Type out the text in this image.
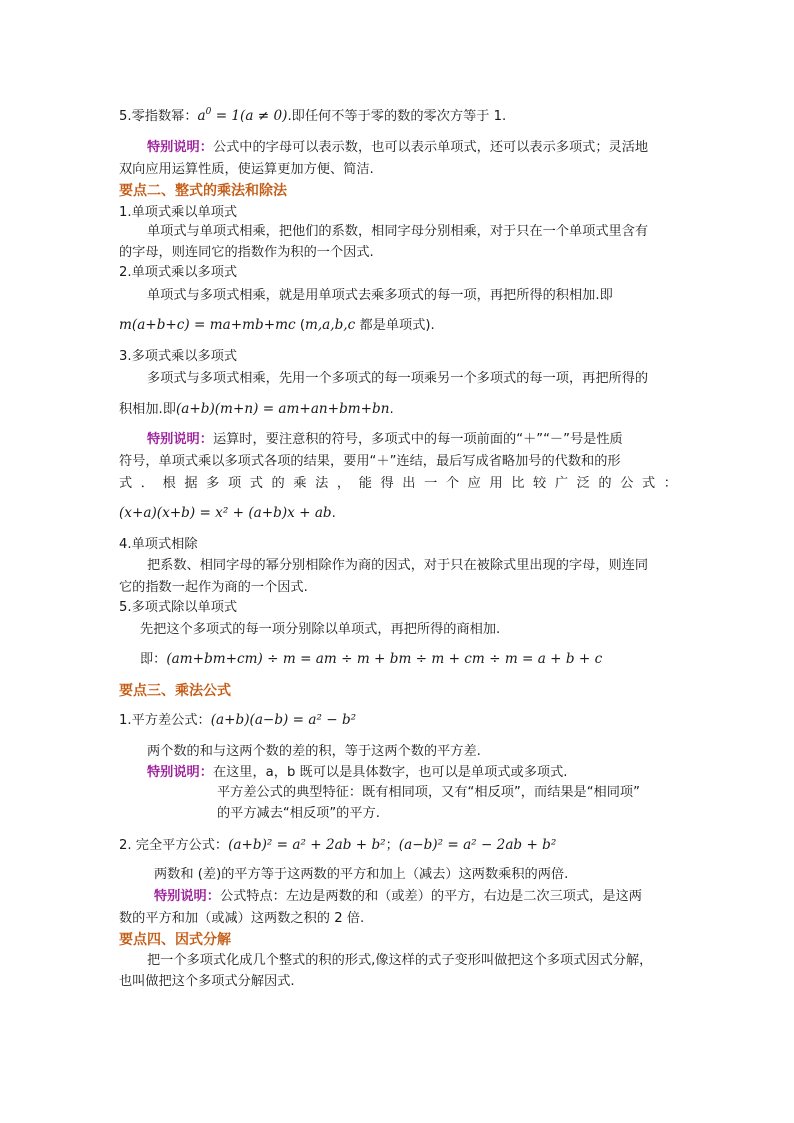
5.零指数幂：$a^0 = 1(a \ne 0)$.即任何不等于零的数的零次方等于 1.
特别说明：公式中的字母可以表示数，也可以表示单项式，还可以表示多项式；灵活地
双向应用运算性质，使运算更加方便、简洁.
要点二、整式的乘法和除法
1.单项式乘以单项式
单项式与单项式相乘，把他们的系数，相同字母分别相乘，对于只在一个单项式里含有
的字母，则连同它的指数作为积的一个因式.
2.单项式乘以多项式
单项式与多项式相乘，就是用单项式去乘多项式的每一项，再把所得的积相加.即
m(a+b+c) = ma+mb+mc (m,a,b,c 都是单项式).
3.多项式乘以多项式
多项式与多项式相乘，先用一个多项式的每一项乘另一个多项式的每一项，再把所得的
积相加.即(a+b)(m+n) = am+an+bm+bn.
特别说明：运算时，要注意积的符号，多项式中的每一项前面的“＋”“－”号是性质
符号，单项式乘以多项式各项的结果，要用“＋”连结，最后写成省略加号的代数和的形
式．根据多项式的乘法，能得出一个应用比较广泛的公式：
(x+a)(x+b) = x² + (a+b)x + ab.
4.单项式相除
把系数、相同字母的幂分别相除作为商的因式，对于只在被除式里出现的字母，则连同
它的指数一起作为商的一个因式.
5.多项式除以单项式
先把这个多项式的每一项分别除以单项式，再把所得的商相加.
即：(am+bm+cm) ÷ m = am ÷ m + bm ÷ m + cm ÷ m = a + b + c
要点三、乘法公式
1.平方差公式：(a+b)(a−b) = a² − b²
两个数的和与这两个数的差的积，等于这两个数的平方差.
特别说明：在这里，a，b 既可以是具体数字，也可以是单项式或多项式.
平方差公式的典型特征：既有相同项，又有“相反项”，而结果是“相同项”
的平方减去“相反项”的平方.
2. 完全平方公式：(a+b)² = a² + 2ab + b²；(a−b)² = a² − 2ab + b²
两数和 (差)的平方等于这两数的平方和加上（减去）这两数乘积的两倍.
特别说明：公式特点：左边是两数的和（或差）的平方，右边是二次三项式，是这两
数的平方和加（或减）这两数之积的 2 倍.
要点四、因式分解
把一个多项式化成几个整式的积的形式,像这样的式子变形叫做把这个多项式因式分解，
也叫做把这个多项式分解因式.
